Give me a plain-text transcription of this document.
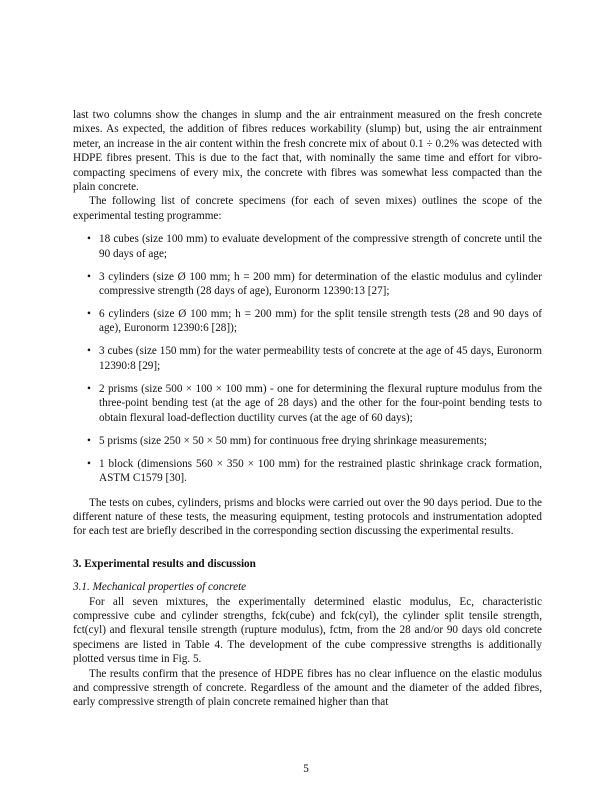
last two columns show the changes in slump and the air entrainment measured on the fresh concrete mixes. As expected, the addition of fibres reduces workability (slump) but, using the air entrainment meter, an increase in the air content within the fresh concrete mix of about 0.1 ÷ 0.2% was detected with HDPE fibres present. This is due to the fact that, with nominally the same time and effort for vibro-compacting specimens of every mix, the concrete with fibres was somewhat less compacted than the plain concrete.

The following list of concrete specimens (for each of seven mixes) outlines the scope of the experimental testing programme:

• 18 cubes (size 100 mm) to evaluate development of the compressive strength of concrete until the 90 days of age;
• 3 cylinders (size Ø 100 mm; h = 200 mm) for determination of the elastic modulus and cylinder compressive strength (28 days of age), Euronorm 12390:13 [27];
• 6 cylinders (size Ø 100 mm; h = 200 mm) for the split tensile strength tests (28 and 90 days of age), Euronorm 12390:6 [28]);
• 3 cubes (size 150 mm) for the water permeability tests of concrete at the age of 45 days, Euronorm 12390:8 [29];
• 2 prisms (size 500 × 100 × 100 mm) - one for determining the flexural rupture modulus from the three-point bending test (at the age of 28 days) and the other for the four-point bending tests to obtain flexural load-deflection ductility curves (at the age of 60 days);
• 5 prisms (size 250 × 50 × 50 mm) for continuous free drying shrinkage measurements;
• 1 block (dimensions 560 × 350 × 100 mm) for the restrained plastic shrinkage crack formation, ASTM C1579 [30].

The tests on cubes, cylinders, prisms and blocks were carried out over the 90 days period. Due to the different nature of these tests, the measuring equipment, testing protocols and instrumentation adopted for each test are briefly described in the corresponding section discussing the experimental results.

3. Experimental results and discussion
3.1. Mechanical properties of concrete

For all seven mixtures, the experimentally determined elastic modulus, Ec, characteristic compressive cube and cylinder strengths, fck(cube) and fck(cyl), the cylinder split tensile strength, fct(cyl) and flexural tensile strength (rupture modulus), fctm, from the 28 and/or 90 days old concrete specimens are listed in Table 4. The development of the cube compressive strengths is additionally plotted versus time in Fig. 5.

The results confirm that the presence of HDPE fibres has no clear influence on the elastic modulus and compressive strength of concrete. Regardless of the amount and the diameter of the added fibres, early compressive strength of plain concrete remained higher than that

5
